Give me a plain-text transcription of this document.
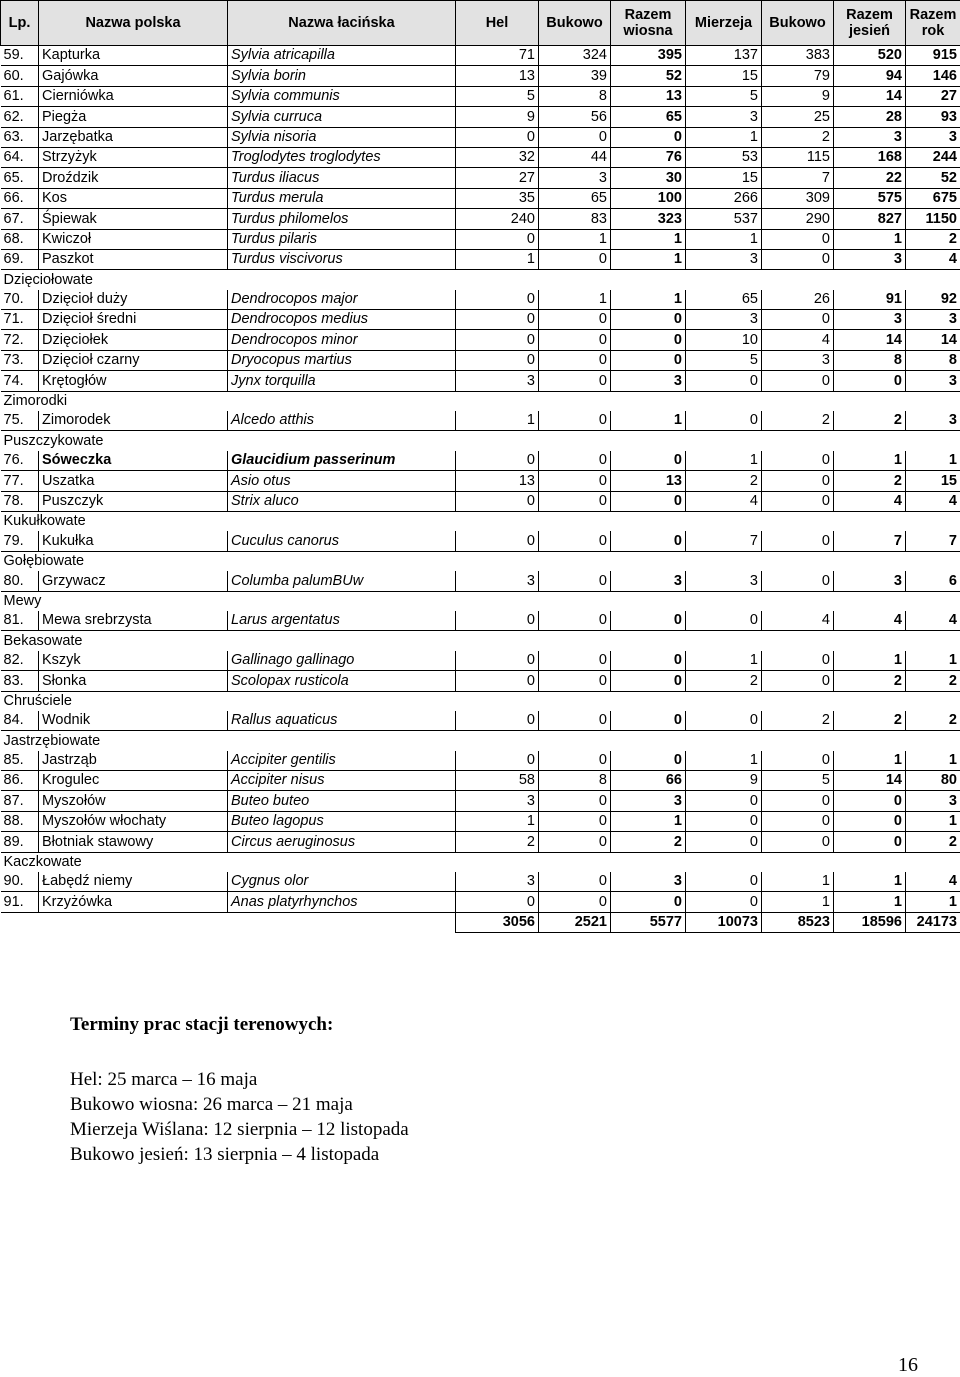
Lp.	Nazwa polska	Nazwa łacińska	Hel	Bukowo	Razem wiosna	Mierzeja	Bukowo	Razem jesień	Razem rok
59.	Kapturka	Sylvia atricapilla	71	324	395	137	383	520	915
60.	Gajówka	Sylvia borin	13	39	52	15	79	94	146
61.	Cierniówka	Sylvia communis	5	8	13	5	9	14	27
62.	Piegża	Sylvia curruca	9	56	65	3	25	28	93
63.	Jarzębatka	Sylvia nisoria	0	0	0	1	2	3	3
64.	Strzyżyk	Troglodytes troglodytes	32	44	76	53	115	168	244
65.	Droździk	Turdus iliacus	27	3	30	15	7	22	52
66.	Kos	Turdus merula	35	65	100	266	309	575	675
67.	Śpiewak	Turdus philomelos	240	83	323	537	290	827	1150
68.	Kwiczoł	Turdus pilaris	0	1	1	1	0	1	2
69.	Paszkot	Turdus viscivorus	1	0	1	3	0	3	4
Dzięciołowate									
70.	Dzięcioł duży	Dendrocopos major	0	1	1	65	26	91	92
71.	Dzięcioł średni	Dendrocopos medius	0	0	0	3	0	3	3
72.	Dzięciołek	Dendrocopos minor	0	0	0	10	4	14	14
73.	Dzięcioł czarny	Dryocopus martius	0	0	0	5	3	8	8
74.	Krętogłów	Jynx torquilla	3	0	3	0	0	0	3
Zimorodki									
75.	Zimorodek	Alcedo atthis	1	0	1	0	2	2	3
Puszczykowate									
76.	Sóweczka	Glaucidium passerinum	0	0	0	1	0	1	1
77.	Uszatka	Asio otus	13	0	13	2	0	2	15
78.	Puszczyk	Strix aluco	0	0	0	4	0	4	4
Kukułkowate									
79.	Kukułka	Cuculus canorus	0	0	0	7	0	7	7
Gołębiowate									
80.	Grzywacz	Columba palumBUw	3	0	3	3	0	3	6
Mewy									
81.	Mewa srebrzysta	Larus argentatus	0	0	0	0	4	4	4
Bekasowate									
82.	Kszyk	Gallinago gallinago	0	0	0	1	0	1	1
83.	Słonka	Scolopax rusticola	0	0	0	2	0	2	2
Chruściele									
84.	Wodnik	Rallus aquaticus	0	0	0	0	2	2	2
Jastrzębiowate									
85.	Jastrząb	Accipiter gentilis	0	0	0	1	0	1	1
86.	Krogulec	Accipiter nisus	58	8	66	9	5	14	80
87.	Myszołów	Buteo buteo	3	0	3	0	0	0	3
88.	Myszołów włochaty	Buteo lagopus	1	0	1	0	0	0	1
89.	Błotniak stawowy	Circus aeruginosus	2	0	2	0	0	0	2
Kaczkowate									
90.	Łabędź niemy	Cygnus olor	3	0	3	0	1	1	4
91.	Krzyżówka	Anas platyrhynchos	0	0	0	0	1	1	1
			3056	2521	5577	10073	8523	18596	24173
Terminy prac stacji terenowych:
Hel: 25 marca – 16 maja
Bukowo wiosna: 26 marca – 21 maja
Mierzeja Wiślana: 12 sierpnia – 12 listopada
Bukowo jesień: 13 sierpnia – 4 listopada
16
